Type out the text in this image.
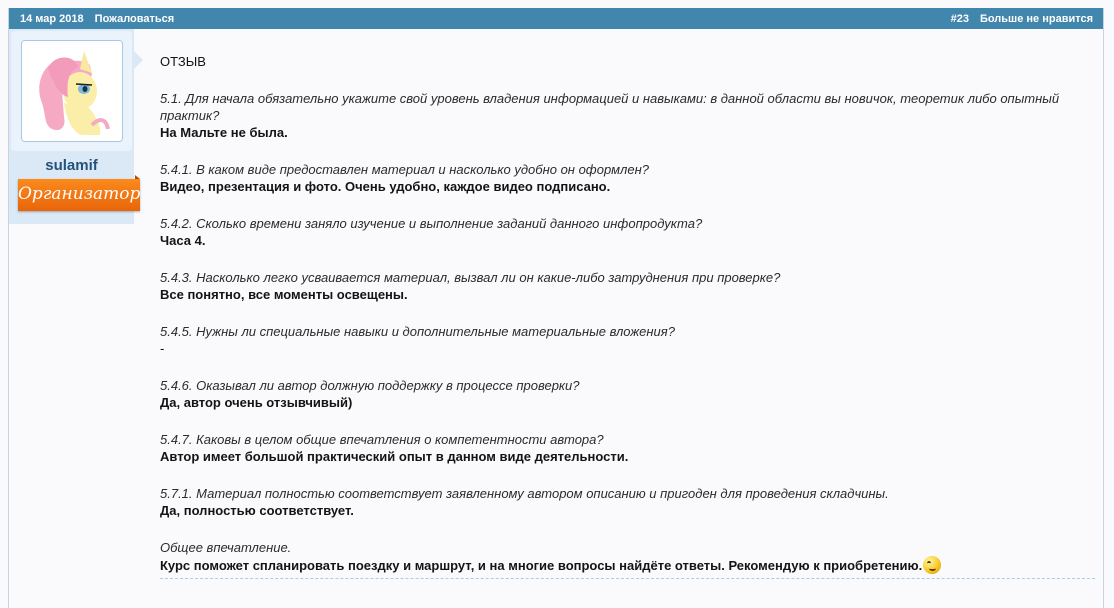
14 мар 2018 Пожаловаться	#23 Больше не нравится
sulamif
Организатор
ОТЗЫВ
5.1. Для начала обязательно укажите свой уровень владения информацией и навыками: в данной области вы новичок, теоретик либо опытный практик?
На Мальте не была.
5.4.1. В каком виде предоставлен материал и насколько удобно он оформлен?
Видео, презентация и фото. Очень удобно, каждое видео подписано.
5.4.2. Сколько времени заняло изучение и выполнение заданий данного инфопродукта?
Часа 4.
5.4.3. Насколько легко усваивается материал, вызвал ли он какие-либо затруднения при проверке?
Все понятно, все моменты освещены.
5.4.5. Нужны ли специальные навыки и дополнительные материальные вложения?
-
5.4.6. Оказывал ли автор должную поддержку в процессе проверки?
Да, автор очень отзывчивый)
5.4.7. Каковы в целом общие впечатления о компетентности автора?
Автор имеет большой практический опыт в данном виде деятельности.
5.7.1. Материал полностью соответствует заявленному автором описанию и пригоден для проведения складчины.
Да, полностью соответствует.
Общее впечатление.
Курс поможет спланировать поездку и маршрут, и на многие вопросы найдёте ответы. Рекомендую к приобретению.
